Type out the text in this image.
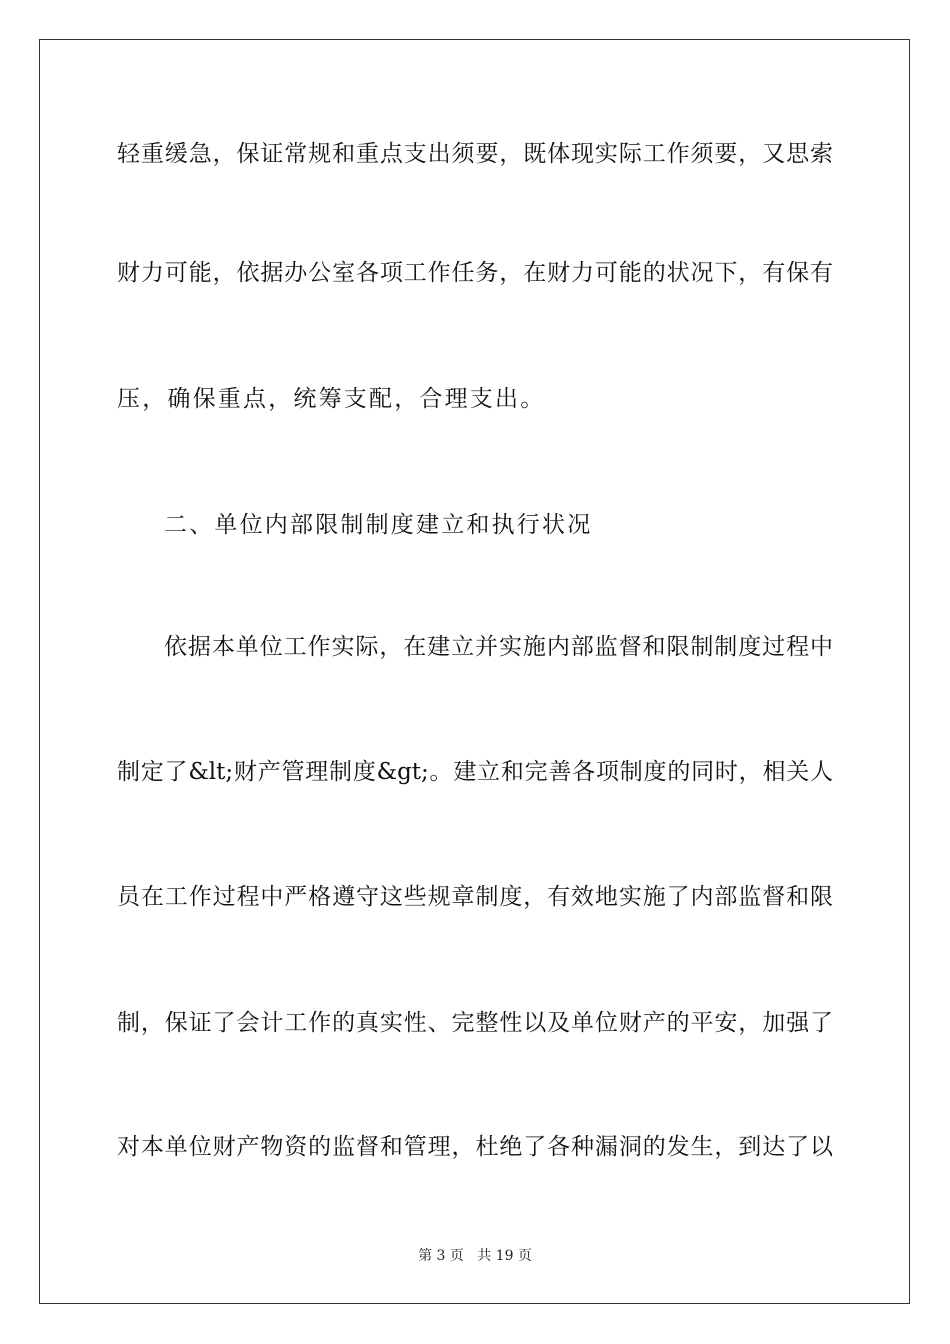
轻重缓急，保证常规和重点支出须要，既体现实际工作须要，又思索
财力可能，依据办公室各项工作任务，在财力可能的状况下，有保有
压，确保重点，统筹支配，合理支出。
二、单位内部限制制度建立和执行状况
依据本单位工作实际，在建立并实施内部监督和限制制度过程中
制定了&lt;财产管理制度&gt;。建立和完善各项制度的同时，相关人
员在工作过程中严格遵守这些规章制度，有效地实施了内部监督和限
制，保证了会计工作的真实性、完整性以及单位财产的平安，加强了
对本单位财产物资的监督和管理，杜绝了各种漏洞的发生，到达了以
第 3 页   共 19 页
